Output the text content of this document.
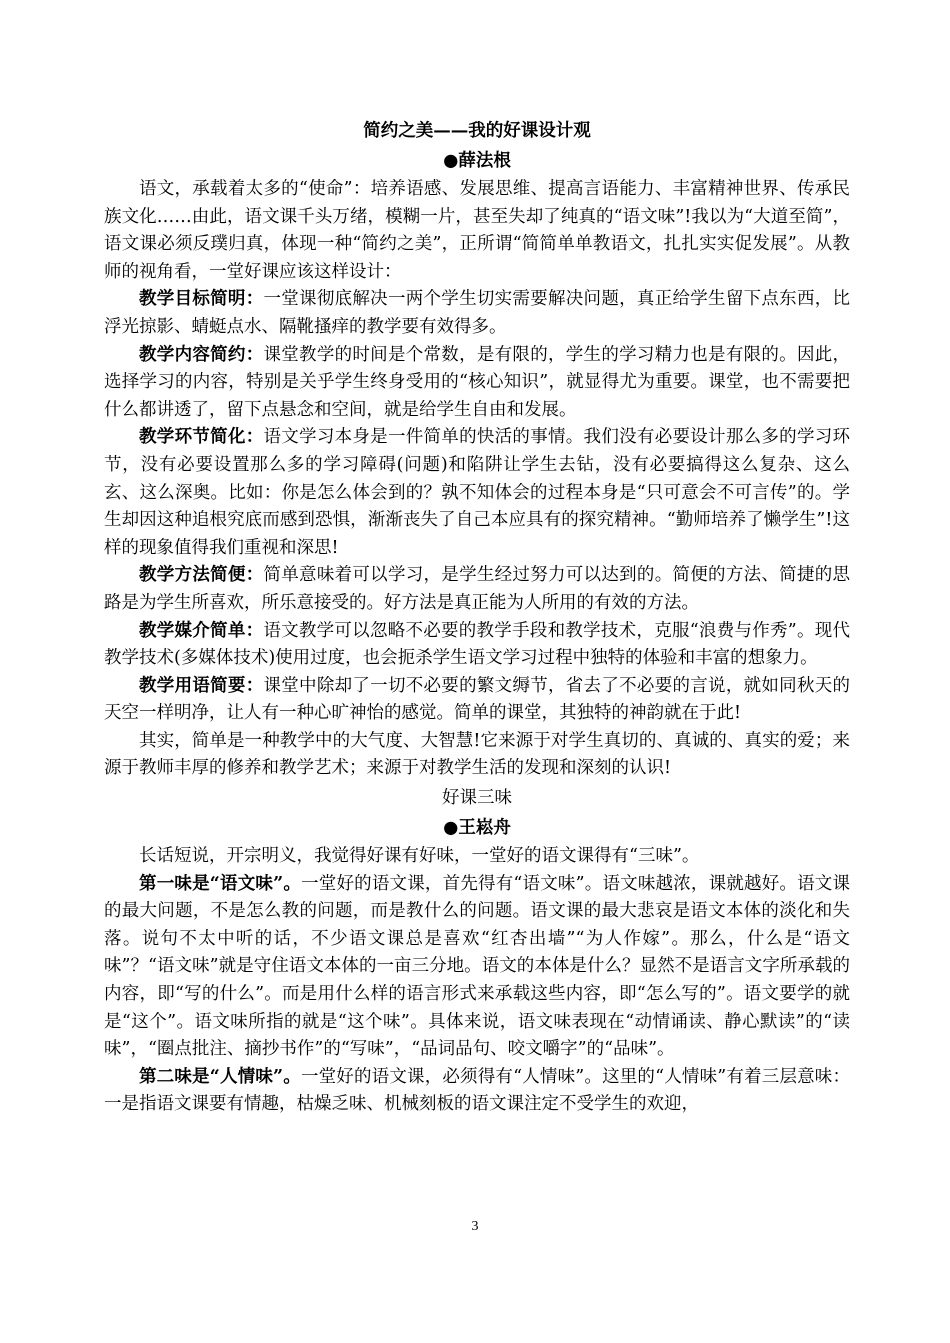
简约之美——我的好课设计观
●薛法根

语文，承载着太多的“使命”：培养语感、发展思维、提高言语能力、丰富精神世界、传承民族文化……由此，语文课千头万绪，模糊一片，甚至失却了纯真的“语文味”!我以为“大道至简”，语文课必须反璞归真，体现一种“简约之美”，正所谓“简简单单教语文，扎扎实实促发展”。从教师的视角看，一堂好课应该这样设计：

教学目标简明：一堂课彻底解决一两个学生切实需要解决问题，真正给学生留下点东西，比浮光掠影、蜻蜓点水、隔靴搔痒的教学要有效得多。

教学内容简约：课堂教学的时间是个常数，是有限的，学生的学习精力也是有限的。因此，选择学习的内容，特别是关乎学生终身受用的“核心知识”，就显得尤为重要。课堂，也不需要把什么都讲透了，留下点悬念和空间，就是给学生自由和发展。

教学环节简化：语文学习本身是一件简单的快活的事情。我们没有必要设计那么多的学习环节，没有必要设置那么多的学习障碍(问题)和陷阱让学生去钻，没有必要搞得这么复杂、这么玄、这么深奥。比如：你是怎么体会到的？孰不知体会的过程本身是“只可意会不可言传”的。学生却因这种追根究底而感到恐惧，渐渐丧失了自己本应具有的探究精神。“勤师培养了懒学生”!这样的现象值得我们重视和深思!

教学方法简便：简单意味着可以学习，是学生经过努力可以达到的。简便的方法、简捷的思路是为学生所喜欢，所乐意接受的。好方法是真正能为人所用的有效的方法。

教学媒介简单：语文教学可以忽略不必要的教学手段和教学技术，克服“浪费与作秀”。现代教学技术(多媒体技术)使用过度，也会扼杀学生语文学习过程中独特的体验和丰富的想象力。

教学用语简要：课堂中除却了一切不必要的繁文缛节，省去了不必要的言说，就如同秋天的天空一样明净，让人有一种心旷神怡的感觉。简单的课堂，其独特的神韵就在于此!

其实，简单是一种教学中的大气度、大智慧!它来源于对学生真切的、真诚的、真实的爱；来源于教师丰厚的修养和教学艺术；来源于对教学生活的发现和深刻的认识!

好课三味
●王崧舟

长话短说，开宗明义，我觉得好课有好味，一堂好的语文课得有“三味”。

第一味是“语文味”。一堂好的语文课，首先得有“语文味”。语文味越浓，课就越好。语文课的最大问题，不是怎么教的问题，而是教什么的问题。语文课的最大悲哀是语文本体的淡化和失落。说句不太中听的话，不少语文课总是喜欢“红杏出墙”“为人作嫁”。那么，什么是“语文味”？“语文味”就是守住语文本体的一亩三分地。语文的本体是什么？显然不是语言文字所承载的内容，即“写的什么”。而是用什么样的语言形式来承载这些内容，即“怎么写的”。语文要学的就是“这个”。语文味所指的就是“这个味”。具体来说，语文味表现在“动情诵读、静心默读”的“读味”，“圈点批注、摘抄书作”的“写味”，“品词品句、咬文嚼字”的“品味”。

第二味是“人情味”。一堂好的语文课，必须得有“人情味”。这里的“人情味”有着三层意味：一是指语文课要有情趣，枯燥乏味、机械刻板的语文课注定不受学生的欢迎，

3
